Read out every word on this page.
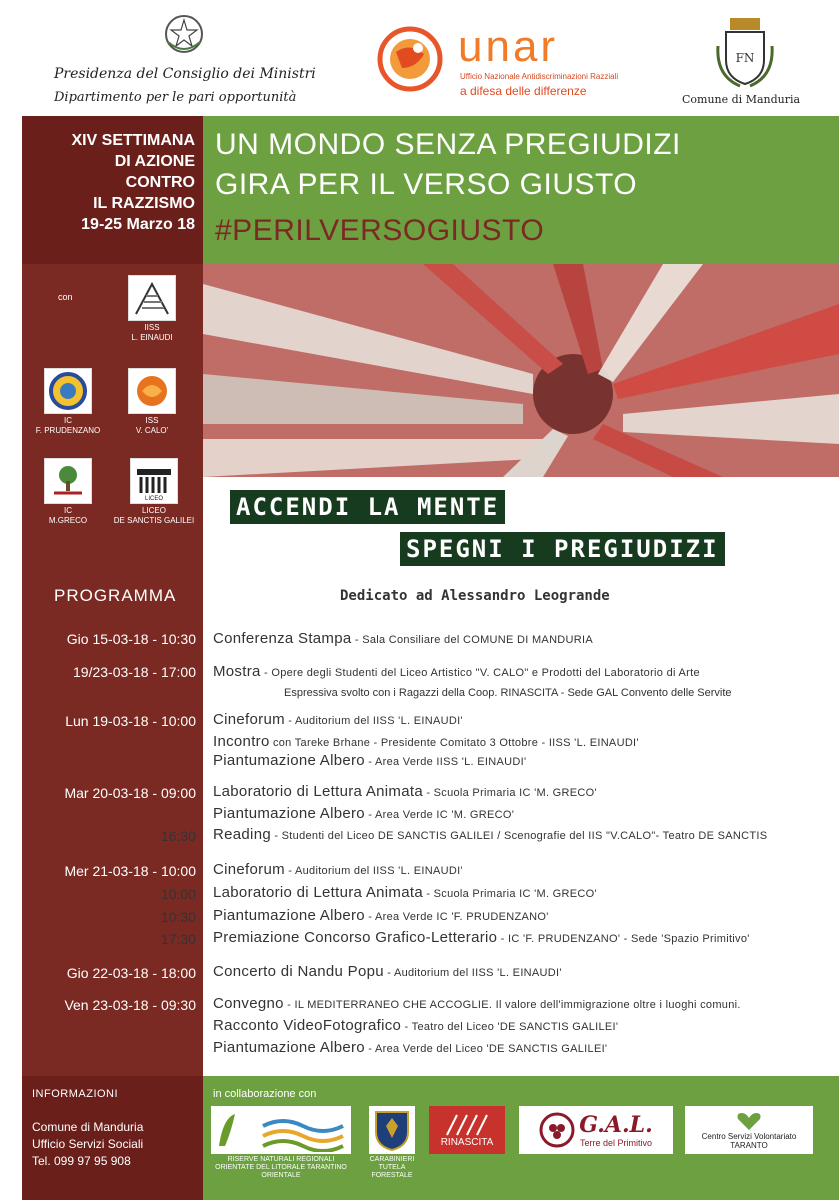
Presidenza del Consiglio dei Ministri
Dipartimento per le pari opportunità
unar
Ufficio Nazionale Antidiscriminazioni Razziali
a difesa delle differenze
FN
Comune di Manduria
XIV SETTIMANA
DI AZIONE
CONTRO
IL RAZZISMO
19-25 Marzo 18
con
IISS
L. EINAUDI
IC
F. PRUDENZANO
ISS
V. CALO'
IC
M.GRECO
LICEO
LICEO
DE SANCTIS GALILEI
PROGRAMMA
UN MONDO SENZA PREGIUDIZI
GIRA PER IL VERSO GIUSTO
#PERILVERSOGIUSTO
ACCENDI LA MENTE
SPEGNI I PREGIUDIZI
Dedicato ad Alessandro Leogrande
Gio 15-03-18 - 10:30 Conferenza Stampa - Sala Consiliare del COMUNE DI MANDURIA
19/23-03-18 - 17:00 Mostra - Opere degli Studenti del Liceo Artistico "V. CALO" e Prodotti del Laboratorio di Arte
Espressiva svolto con i Ragazzi della Coop. RINASCITA - Sede GAL Convento delle Servite
Lun 19-03-18 - 10:00 Cineforum - Auditorium del IISS 'L. EINAUDI'
Incontro con Tareke Brhane - Presidente Comitato 3 Ottobre - IISS 'L. EINAUDI'
Piantumazione Albero - Area Verde IISS 'L. EINAUDI'
Mar 20-03-18 - 09:00 Laboratorio di Lettura Animata - Scuola Primaria IC 'M. GRECO'
Piantumazione Albero - Area Verde IC 'M. GRECO'
16:30 Reading - Studenti del Liceo DE SANCTIS GALILEI / Scenografie del IIS "V.CALO"- Teatro DE SANCTIS
Mer 21-03-18 - 10:00 Cineforum - Auditorium del IISS 'L. EINAUDI'
10:00 Laboratorio di Lettura Animata - Scuola Primaria IC 'M. GRECO'
10:30 Piantumazione Albero - Area Verde IC 'F. PRUDENZANO'
17:30 Premiazione Concorso Grafico-Letterario - IC 'F. PRUDENZANO' - Sede 'Spazio Primitivo'
Gio 22-03-18 - 18:00 Concerto di Nandu Popu - Auditorium del IISS 'L. EINAUDI'
Ven 23-03-18 - 09:30 Convegno - IL MEDITERRANEO CHE ACCOGLIE. Il valore dell'immigrazione oltre i luoghi comuni.
Racconto VideoFotografico - Teatro del Liceo 'DE SANCTIS GALILEI'
Piantumazione Albero - Area Verde del Liceo 'DE SANCTIS GALILEI'
INFORMAZIONI
Comune di Manduria
Ufficio Servizi Sociali
Tel. 099 97 95 908
in collaborazione con
RISERVE NATURALI REGIONALI ORIENTATE DEL LITORALE TARANTINO ORIENTALE
CARABINIERI TUTELA FORESTALE
RINASCITA
G.A.L.
Terre del Primitivo
Centro Servizi Volontariato TARANTO
